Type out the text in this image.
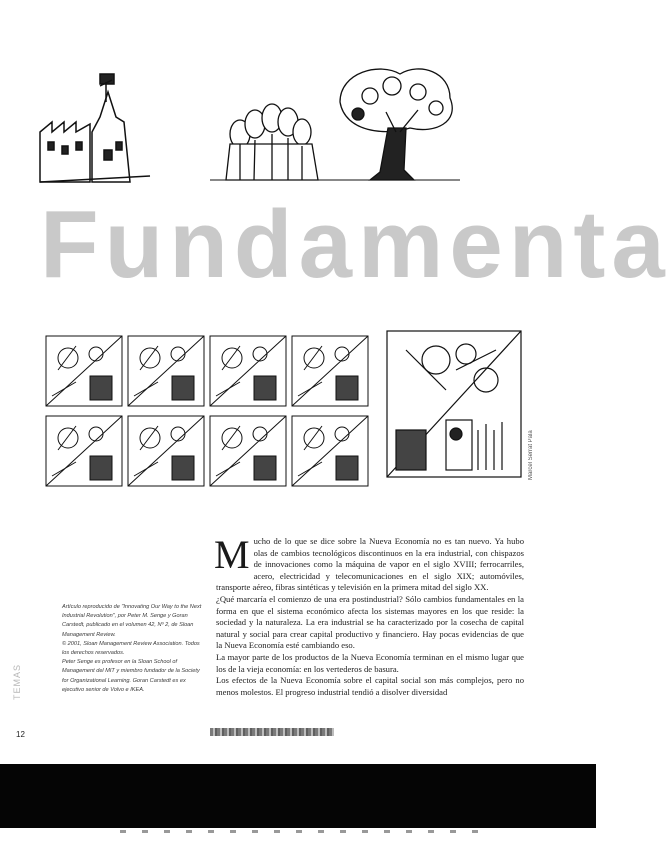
Fundamenta
Marcel Serrat Pala
TEMAS

Artículo reproducido de "Innovating Our Way to the Next Industrial Revolution", por Peter M. Senge y Goran Carstedt, publicado en el volumen 42, Nº 2, de Sloan Management Review.

© 2001, Sloan Management Review Association. Todos los derechos reservados.

Peter Senge es profesor en la Sloan School of Management del MIT y miembro fundador de la Society for Organizational Learning. Goran Carstedt es ex ejecutivo senior de Volvo e IKEA.

12

Mucho de lo que se dice sobre la Nueva Economía no es tan nuevo. Ya hubo olas de cambios tecnológicos discontinuos en la era industrial, con chispazos de innovaciones como la máquina de vapor en el siglo XVIII; ferrocarriles, acero, electricidad y telecomunicaciones en el siglo XIX; automóviles, transporte aéreo, fibras sintéticas y televisión en la primera mitad del siglo XX.

¿Qué marcaría el comienzo de una era postindustrial? Sólo cambios fundamentales en la forma en que el sistema económico afecta los sistemas mayores en los que reside: la sociedad y la naturaleza. La era industrial se ha caracterizado por la cosecha de capital natural y social para crear capital productivo y financiero. Hay pocas evidencias de que la Nueva Economía esté cambiando eso.

La mayor parte de los productos de la Nueva Economía terminan en el mismo lugar que los de la vieja economía: en los vertederos de basura.

Los efectos de la Nueva Economía sobre el capital social son más complejos, pero no menos molestos. El progreso industrial tendió a disolver diversidad
